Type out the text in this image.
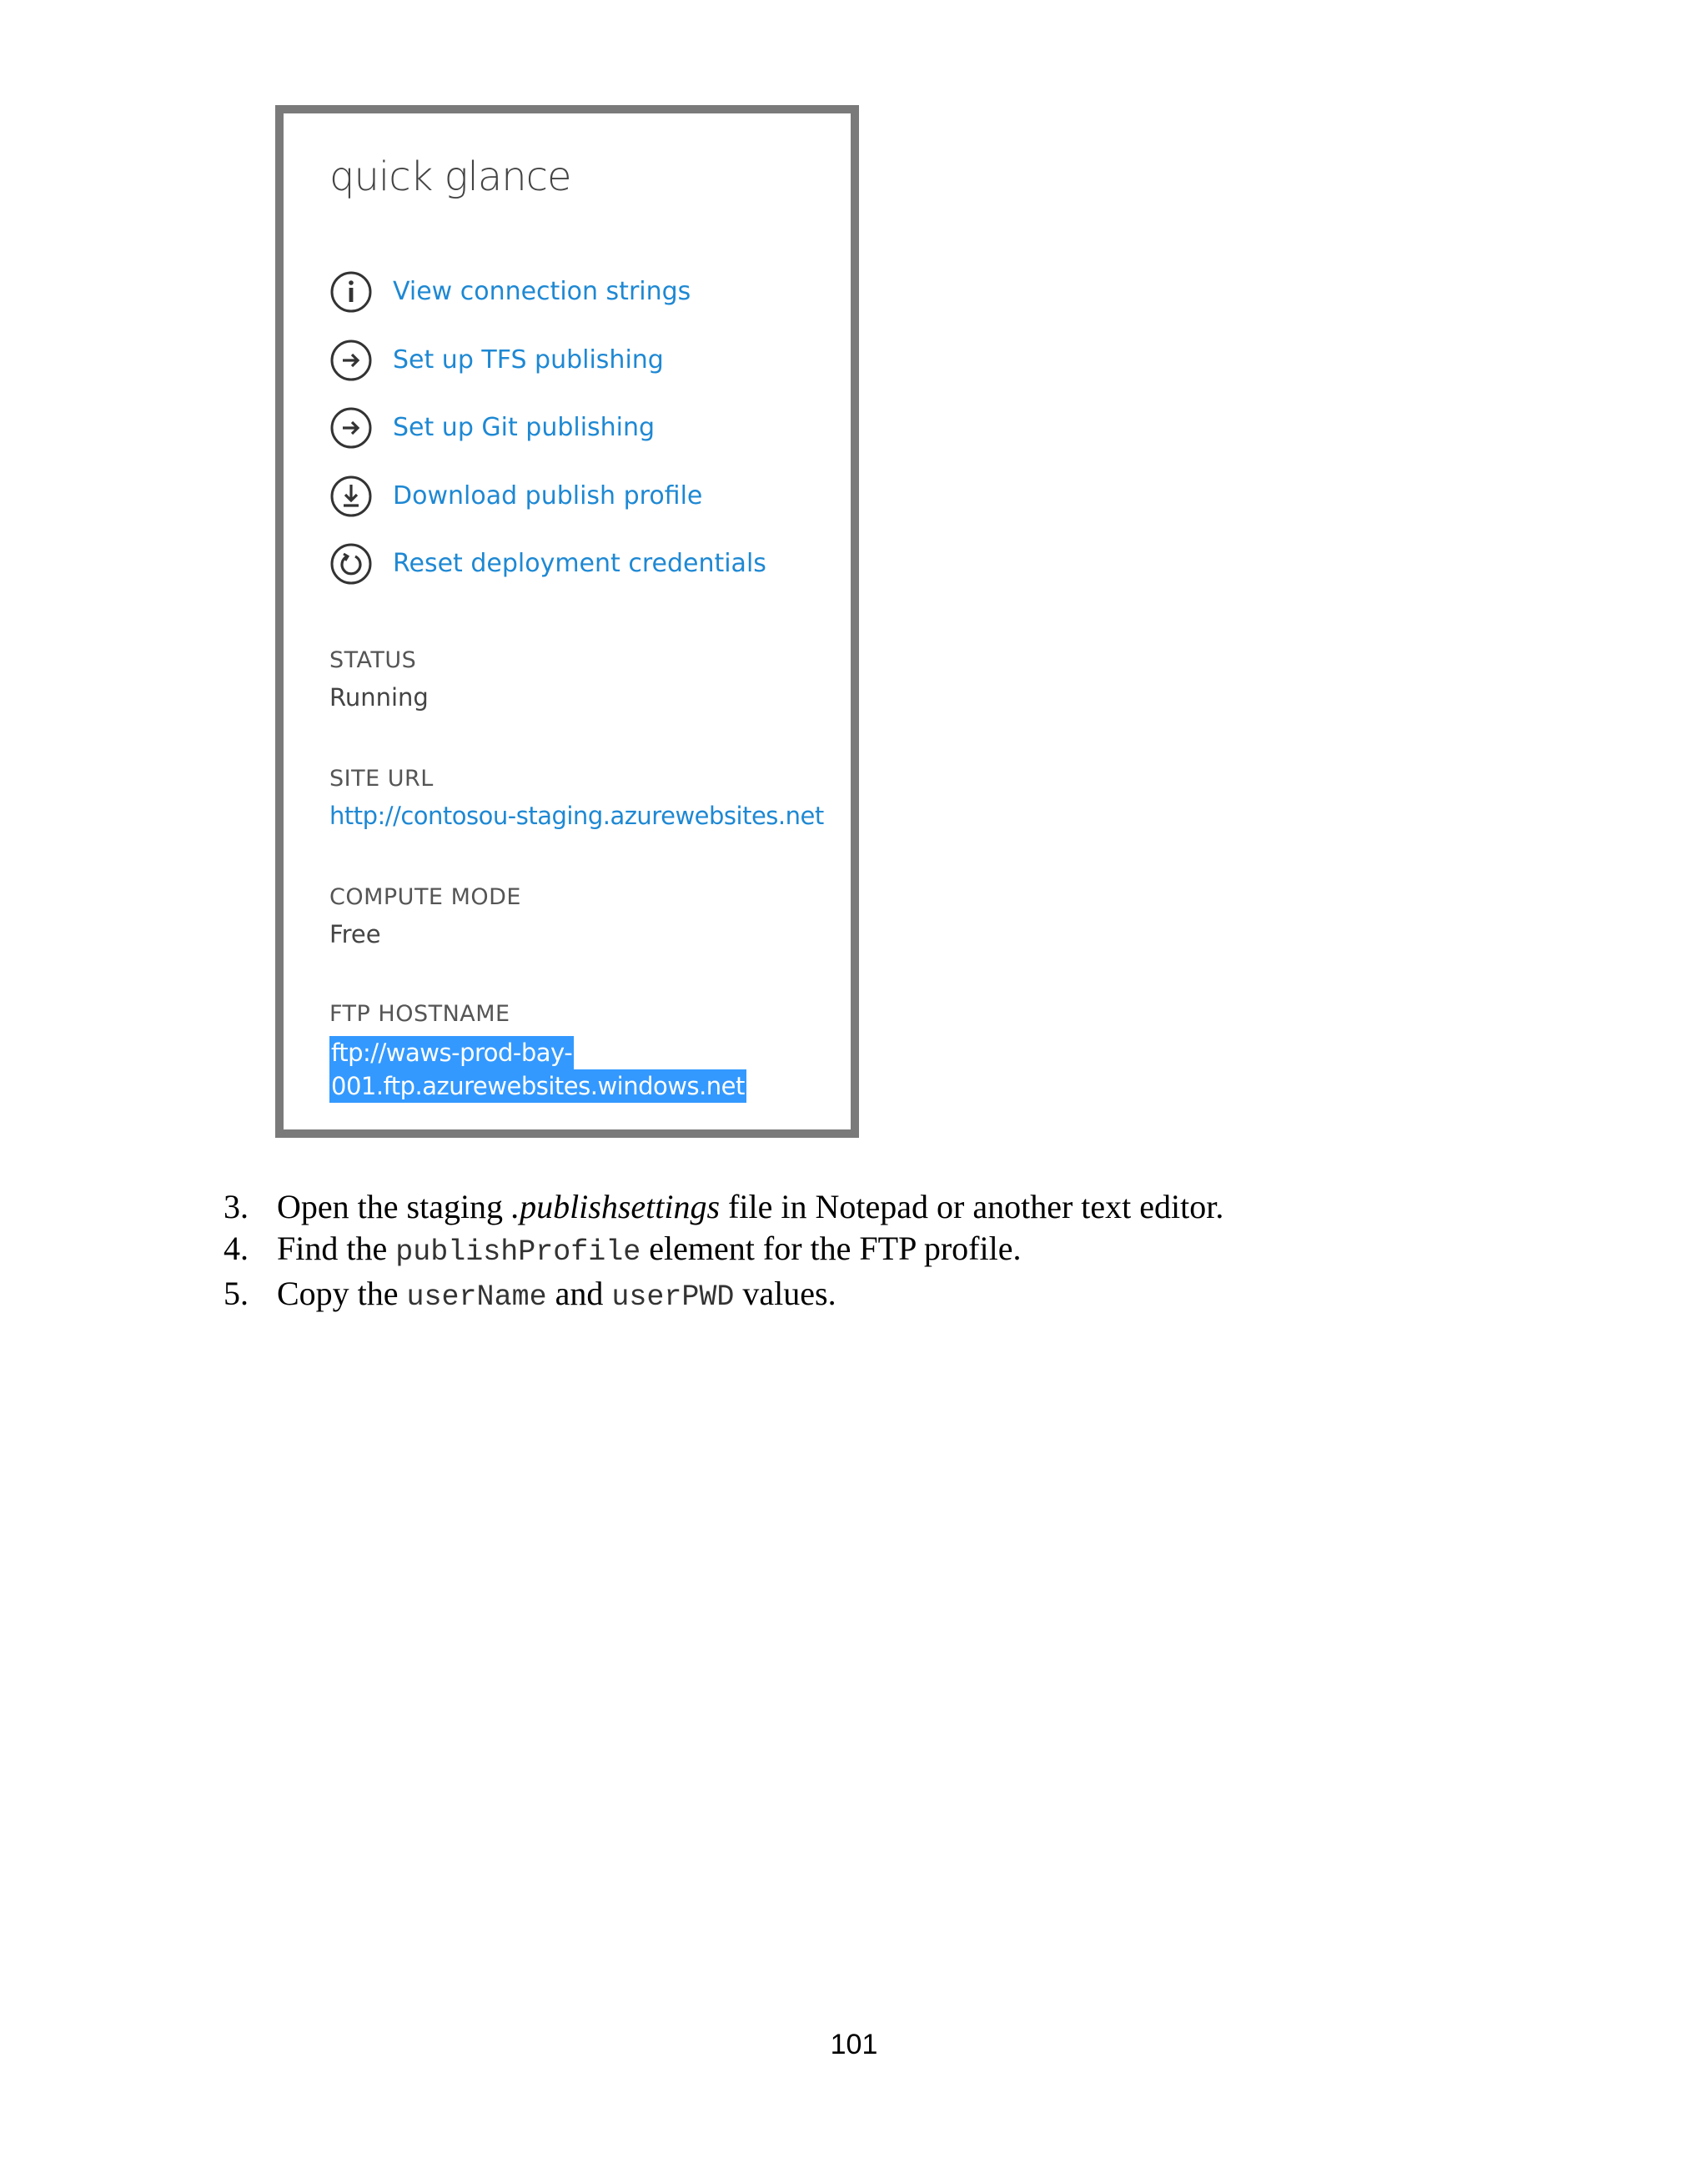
quick glance
View connection strings
Set up TFS publishing
Set up Git publishing
Download publish profile
Reset deployment credentials

STATUS

Running

SITE URL

http://contosou-staging.azurewebsites.net

COMPUTE MODE

Free

FTP HOSTNAME

ftp://waws-prod-bay-
001.ftp.azurewebsites.windows.net
3. Open the staging .publishsettings file in Notepad or another text editor.
4. Find the publishProfile element for the FTP profile.
5. Copy the userName and userPWD values.
101
